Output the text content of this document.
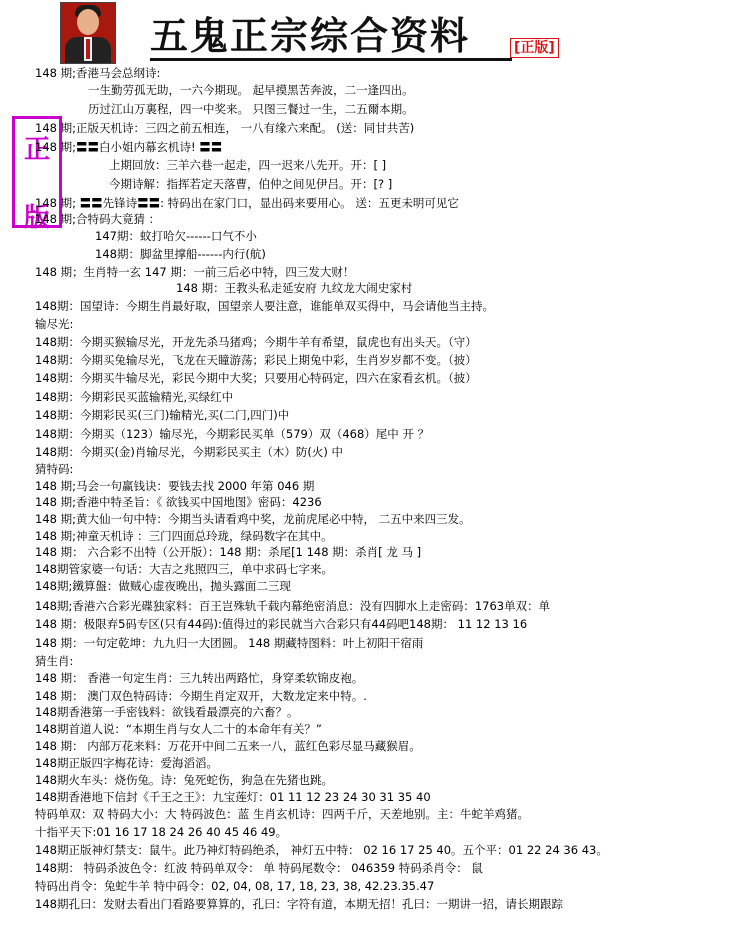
五鬼正宗综合资料	[正版]
正
版
148 期;香港马会总纲诗:
一生勤劳孤无助，一六今期现。 起早摸黑苦奔波，二一逢四出。
历过江山万裏程，四一中奖来。 只图三餐过一生，二五爾本期。
148 期;正版天机诗：三四之前五相连， 一八有缘六来配。 (送：同甘共苦)
148 期;〓〓白小姐内幕玄机诗! 〓〓
上期回放：三羊六巷一起走，四一迟来八先开。开：[ ]
今期诗解：指挥若定天落曹，伯仲之间见伊吕。开：[? ]
148 期; 〓〓先锋诗〓〓: 特码出在家门口，显出码来要用心。 送：五更未明可见它
148 期;合特码大竟猜 ：
147期：蚊打哈欠------口气不小
148期：脚盆里撑船------内行(航)
148 期；生肖特一玄 147 期：一前三后必中特，四三发大财！
148 期：王教头私走延安府 九纹龙大闹史家村
148期：国望诗：今期生肖最好取，国望亲人要注意，谁能单双买得中，马会请他当主持。
输尽光:
148期：今期买猴输尽光，开龙先杀马猪鸡；今期牛羊有希望，鼠虎也有出头天。（守）
148期：今期买兔输尽光，飞龙在天瞳游荡；彩民上期兔中彩，生肖岁岁都不变。（披）
148期：今期买牛输尽光，彩民今期中大奖；只要用心特码定，四六在家看玄机。（披）
148期：今期彩民买蓝输精光,买绿红中
148期：今期彩民买(三门)输精光,买(二门,四门)中
148期：今期买（123）输尽光，今期彩民买单（579）双（468）尾中 开 ？
148期：今期买(金)肖输尽光，今期彩民买主（木）防(火) 中
猜特码:
148 期;马会一句赢钱诀：要钱去找 2000 年第 046 期
148 期;香港中特圣旨：《 欲钱买中国地图》密码：4236
148 期;黄大仙一句中特：今期当头请看鸡中奖，龙前虎尾必中特， 二五中来四三发。
148 期;神童天机诗 ：三门四面总玲珑，绿码数字在其中。
148 期： 六合彩不出特（公开版）：148 期：杀尾[1 148 期：杀肖[ 龙 马 ]
148期管家婆一句话：大吉之兆照四三，单中求码七字来。
148期;鐵算盤：做贼心虚夜晚出，抛头露面二三现
148期;香港六合彩光碟独家料：百王岂殊轨千载内幕绝密消息：没有四脚水上走密码：1763单双：单
148 期：极限弃5码专区(只有44码):值得过的彩民就当六合彩只有44码吧148期： 11 12 13 16
148 期：一句定乾坤：九九归一大团圆。 148 期藏特图料：叶上初阳干宿雨
猜生肖:
148 期： 香港一句定生肖：三九转出两路忙，身穿柔软锦皮袍。
148 期： 澳门双色特码诗：今期生肖定双开，大数龙定来中特。.
148期香港第一手密钱料：欲钱看最漂亮的六畜？。
148期首道人说：“本期生肖与女人二十的本命年有关？”
148 期： 内部万花来料：万花开中间二五来一八，蓝红色彩尽显马藏猴眉。
148期正版四字梅花诗：爱海滔滔。
148期火车头：烧伤兔。诗：兔死蛇伤，狗急在先猪也跳。
148期香港地下信封《千王之王》：九宝莲灯：01 11 12 23 24 30 31 35 40
特码单双：双 特码大小：大 特码波色：蓝 生肖玄机诗：四两千斤，天差地别。主：牛蛇羊鸡猪。
十指平天下:01 16 17 18 24 26 40 45 46 49。
148期正版神灯禁支：鼠牛。此乃神灯特码绝杀， 神灯五中特： 02 16 17 25 40。五个平：01 22 24 36 43。
148期： 特码杀波色令：红波 特码单双令： 单 特码尾数令： 046359 特码杀肖令： 鼠
特码出肖令：兔蛇牛羊 特中码令：02, 04, 08, 17, 18, 23, 38, 42.23.35.47
148期孔曰：发财去看出门看路要算算的，孔曰：字符有道，本期无招！孔曰：一期讲一招，请长期跟踪
